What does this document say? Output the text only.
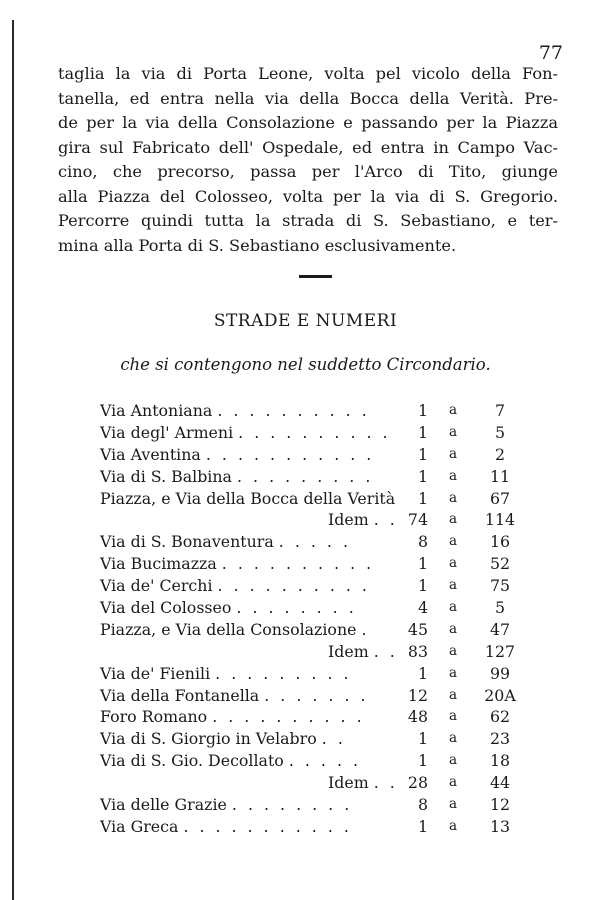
77
taglia la via di Porta Leone, volta pel vicolo della Fon-
tanella, ed entra nella via della Bocca della Verità. Pre-
de per la via della Consolazione e passando per la Piazza
gira sul Fabricato dell' Ospedale, ed entra in Campo Vac-
cino, che precorso, passa per l'Arco di Tito, giunge
alla Piazza del Colosseo, volta per la via di S. Gregorio.
Percorre quindi tutta la strada di S. Sebastiano, e ter-
mina alla Porta di S. Sebastiano esclusivamente.
STRADE E NUMERI
che si contengono nel suddetto Circondario.
Via Antoniana . . . . . . . . . .	1 a	7
Via degl' Armeni . . . . . . . . . . 1 a	5
Via Aventina . . . . . . . . . . .	1 a	2
Via di S. Balbina . . . . . . . . .	1 a	11
Piazza, e Via della Bocca della Verità 1 a	67
Idem . . 74 a	114
Via di S. Bonaventura . . . . .	8 a	16
Via Bucimazza . . . . . . . . . .	1 a	52
Via de' Cerchi . . . . . . . . . .	1 a	75
Via del Colosseo . . . . . . . .	4 a	5
Piazza, e Via della Consolazione . 45 a	47
Idem . . 83 a	127
Via de' Fienili . . . . . . . . .	1 a	99
Via della Fontanella . . . . . . . 12 a 20A
Foro Romano . . . . . . . . . .	48 a	62
Via di S. Giorgio in Velabro . .	1 a	23
Via di S. Gio. Decollato . . . . .	1 a	18
Idem . . 28 a	44
Via delle Grazie . . . . . . . .	8 a	12
Via Greca . . . . . . . . . . .	1 a	13
